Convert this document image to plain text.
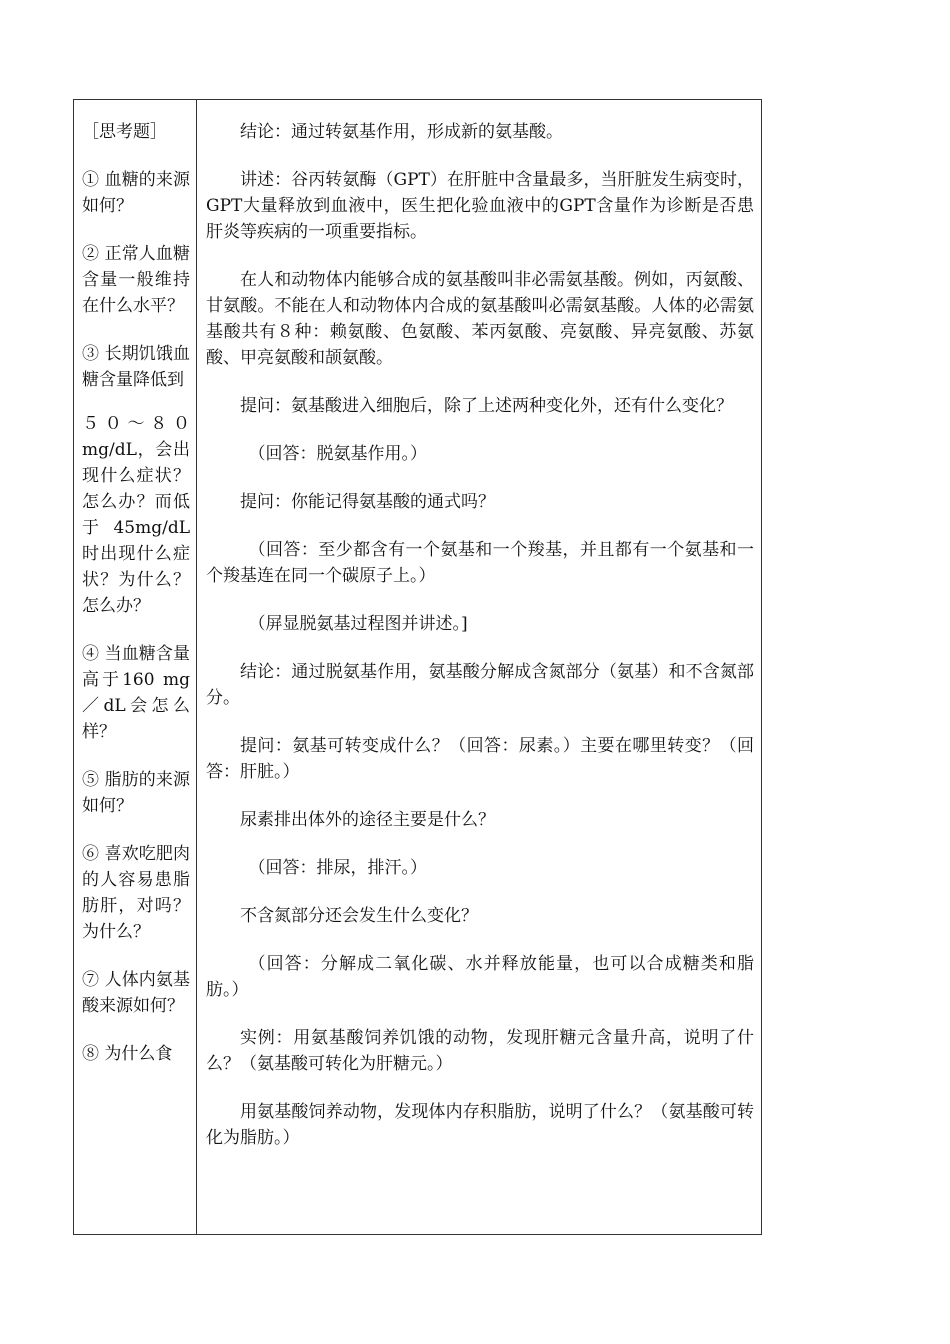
［思考题］

① 血糖的来源如何？

② 正常人血糖含量一般维持在什么水平？

③ 长期饥饿血糖含量降低到

５０～８０mg/dL，会出现什么症状？怎么办？而低于45mg/dL时出现什么症状？为什么？怎么办？

④ 当血糖含量高于160 mg／dL会怎么样？

⑤ 脂肪的来源如何？

⑥ 喜欢吃肥肉的人容易患脂肪肝，对吗？为什么？

⑦ 人体内氨基酸来源如何？

⑧ 为什么食

结论：通过转氨基作用，形成新的氨基酸。

讲述：谷丙转氨酶（GPT）在肝脏中含量最多，当肝脏发生病变时， GPT大量释放到血液中，医生把化验血液中的GPT含量作为诊断是否患肝炎等疾病的一项重要指标。

在人和动物体内能够合成的氨基酸叫非必需氨基酸。例如，丙氨酸、甘氨酸。不能在人和动物体内合成的氨基酸叫必需氨基酸。人体的必需氨基酸共有８种：赖氨酸、色氨酸、苯丙氨酸、亮氨酸、异亮氨酸、苏氨酸、甲亮氨酸和颉氨酸。

提问：氨基酸进入细胞后，除了上述两种变化外，还有什么变化？

（回答：脱氨基作用。）

提问：你能记得氨基酸的通式吗？

（回答：至少都含有一个氨基和一个羧基，并且都有一个氨基和一个羧基连在同一个碳原子上。）

（屏显脱氨基过程图并讲述。]

结论：通过脱氨基作用，氨基酸分解成含氮部分（氨基）和不含氮部分。

提问：氨基可转变成什么？（回答：尿素。）主要在哪里转变？（回答：肝脏。）

尿素排出体外的途径主要是什么？

（回答：排尿，排汗。）

不含氮部分还会发生什么变化？

（回答：分解成二氧化碳、水并释放能量，也可以合成糖类和脂肪。）

实例：用氨基酸饲养饥饿的动物，发现肝糖元含量升高，说明了什么？（氨基酸可转化为肝糖元。）

用氨基酸饲养动物，发现体内存积脂肪，说明了什么？（氨基酸可转化为脂肪。）
